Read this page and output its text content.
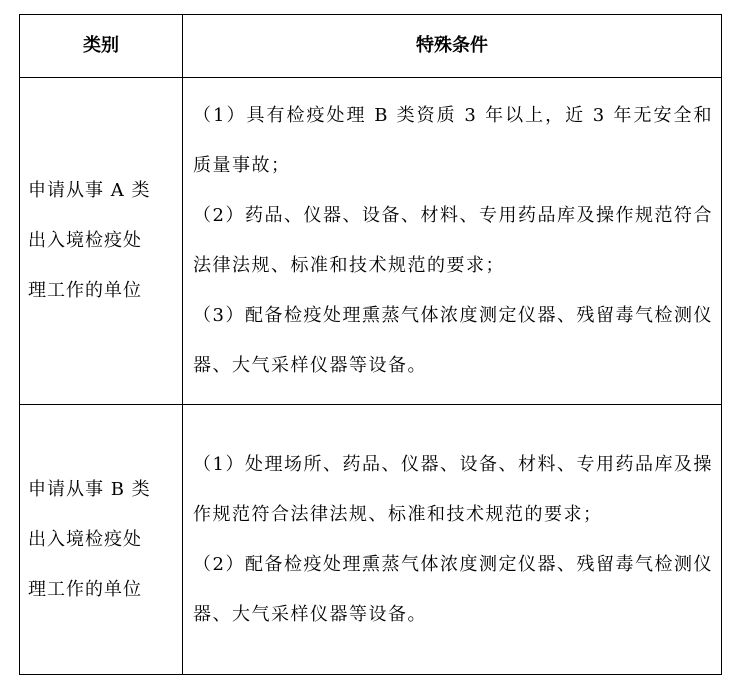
类别	特殊条件

申请从事 A 类
出入境检疫处
理工作的单位	（1）具有检疫处理 B 类资质 3 年以上，近 3 年无安全和质量事故；
（2）药品、仪器、设备、材料、专用药品库及操作规范符合法律法规、标准和技术规范的要求；
（3）配备检疫处理熏蒸气体浓度测定仪器、残留毒气检测仪器、大气采样仪器等设备。

申请从事 B 类
出入境检疫处
理工作的单位	（1）处理场所、药品、仪器、设备、材料、专用药品库及操作规范符合法律法规、标准和技术规范的要求；
（2）配备检疫处理熏蒸气体浓度测定仪器、残留毒气检测仪器、大气采样仪器等设备。
